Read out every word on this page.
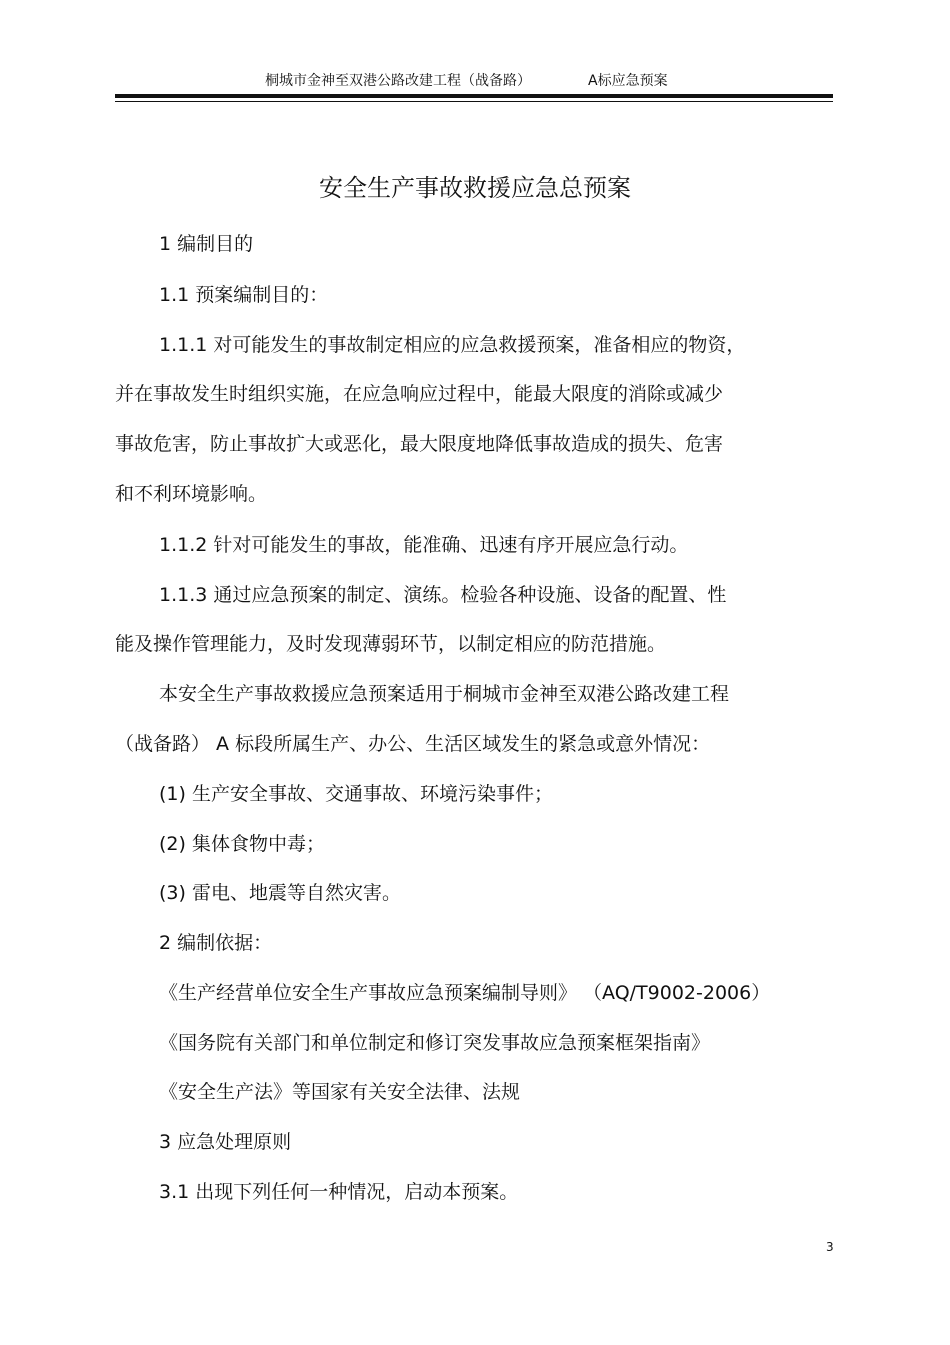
桐城市金神至双港公路改建工程（战备路）	A标应急预案
安全生产事故救援应急总预案
1 编制目的
1.1 预案编制目的：
1.1.1 对可能发生的事故制定相应的应急救援预案，准备相应的物资，
并在事故发生时组织实施，在应急响应过程中，能最大限度的消除或减少
事故危害，防止事故扩大或恶化，最大限度地降低事故造成的损失、危害
和不利环境影响。
1.1.2 针对可能发生的事故，能准确、迅速有序开展应急行动。
1.1.3 通过应急预案的制定、演练。检验各种设施、设备的配置、性
能及操作管理能力，及时发现薄弱环节，以制定相应的防范措施。
本安全生产事故救援应急预案适用于桐城市金神至双港公路改建工程
（战备路） A 标段所属生产、办公、生活区域发生的紧急或意外情况：
(1) 生产安全事故、交通事故、环境污染事件；
(2) 集体食物中毒；
(3) 雷电、地震等自然灾害。
2 编制依据：
《生产经营单位安全生产事故应急预案编制导则》 （AQ/T9002-2006）
《国务院有关部门和单位制定和修订突发事故应急预案框架指南》
《安全生产法》等国家有关安全法律、法规
3 应急处理原则
3.1 出现下列任何一种情况，启动本预案。
3
